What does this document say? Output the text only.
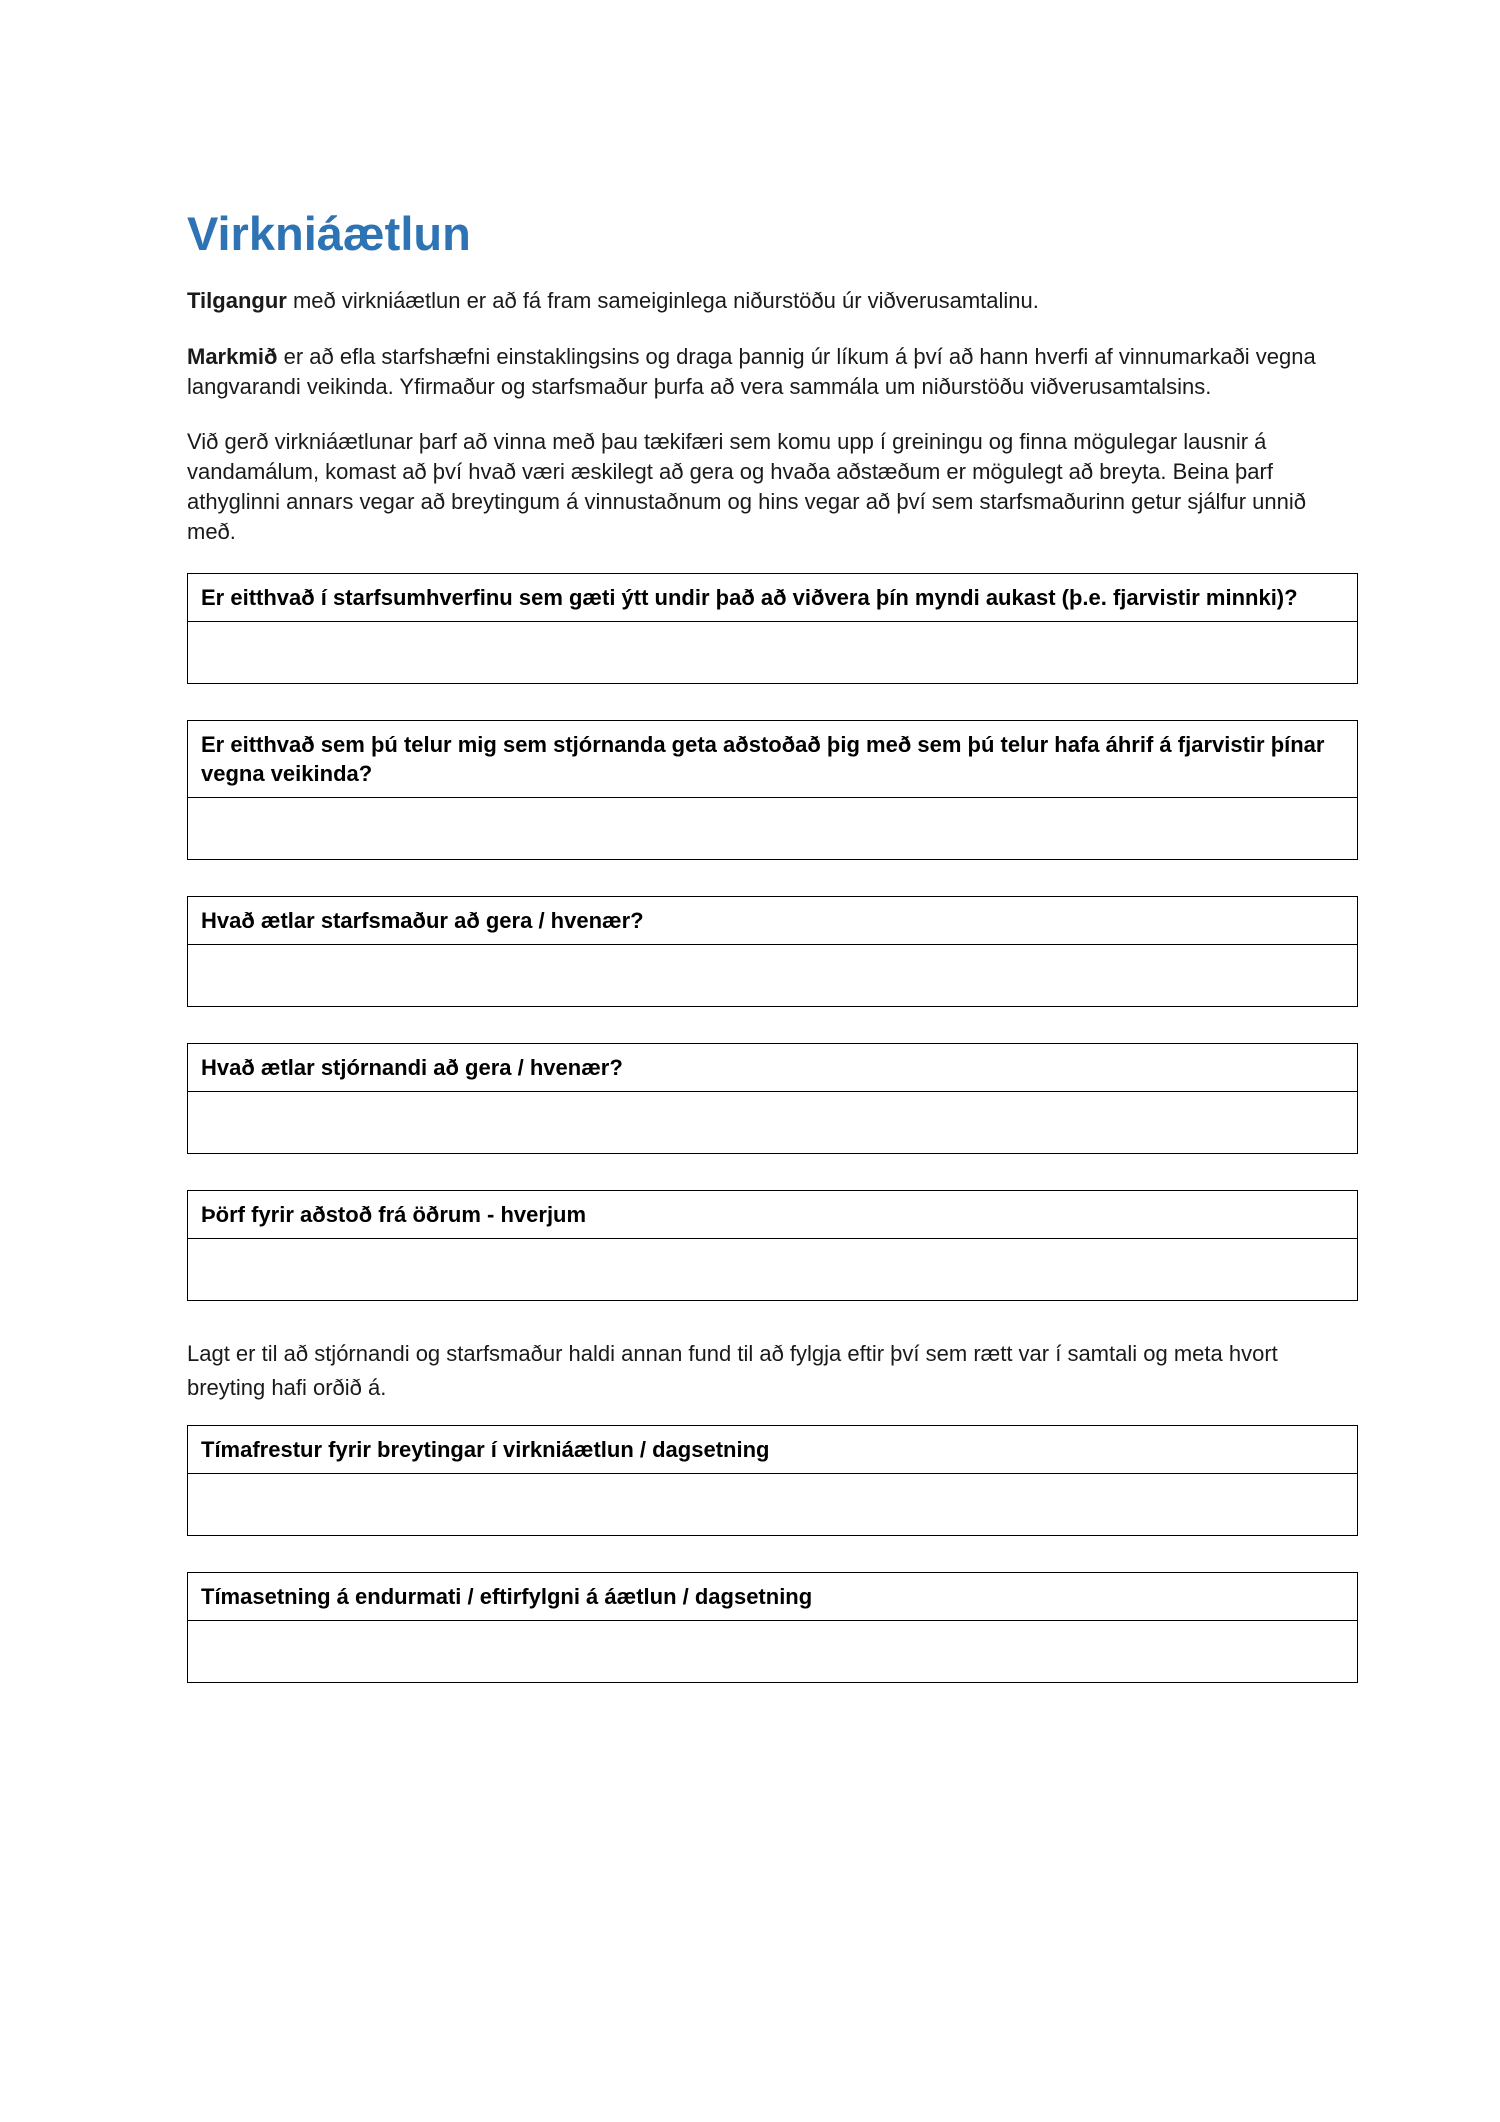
Virkniáætlun

Tilgangur með virkniáætlun er að fá fram sameiginlega niðurstöðu úr viðverusamtalinu.

Markmið er að efla starfshæfni einstaklingsins og draga þannig úr líkum á því að hann hverfi af vinnumarkaði vegna langvarandi veikinda. Yfirmaður og starfsmaður þurfa að vera sammála um niðurstöðu viðverusamtalsins.

Við gerð virkniáætlunar þarf að vinna með þau tækifæri sem komu upp í greiningu og finna mögulegar lausnir á vandamálum, komast að því hvað væri æskilegt að gera og hvaða aðstæðum er mögulegt að breyta. Beina þarf athyglinni annars vegar að breytingum á vinnustaðnum og hins vegar að því sem starfsmaðurinn getur sjálfur unnið með.

Er eitthvað í starfsumhverfinu sem gæti ýtt undir það að viðvera þín myndi aukast (þ.e. fjarvistir minnki)?

Er eitthvað sem þú telur mig sem stjórnanda geta aðstoðað þig með sem þú telur hafa áhrif á fjarvistir þínar vegna veikinda?

Hvað ætlar starfsmaður að gera / hvenær?

Hvað ætlar stjórnandi að gera / hvenær?

Þörf fyrir aðstoð frá öðrum - hverjum

Lagt er til að stjórnandi og starfsmaður haldi annan fund til að fylgja eftir því sem rætt var í samtali og meta hvort breyting hafi orðið á.

Tímafrestur fyrir breytingar í virkniáætlun / dagsetning

Tímasetning á endurmati / eftirfylgni á áætlun / dagsetning
